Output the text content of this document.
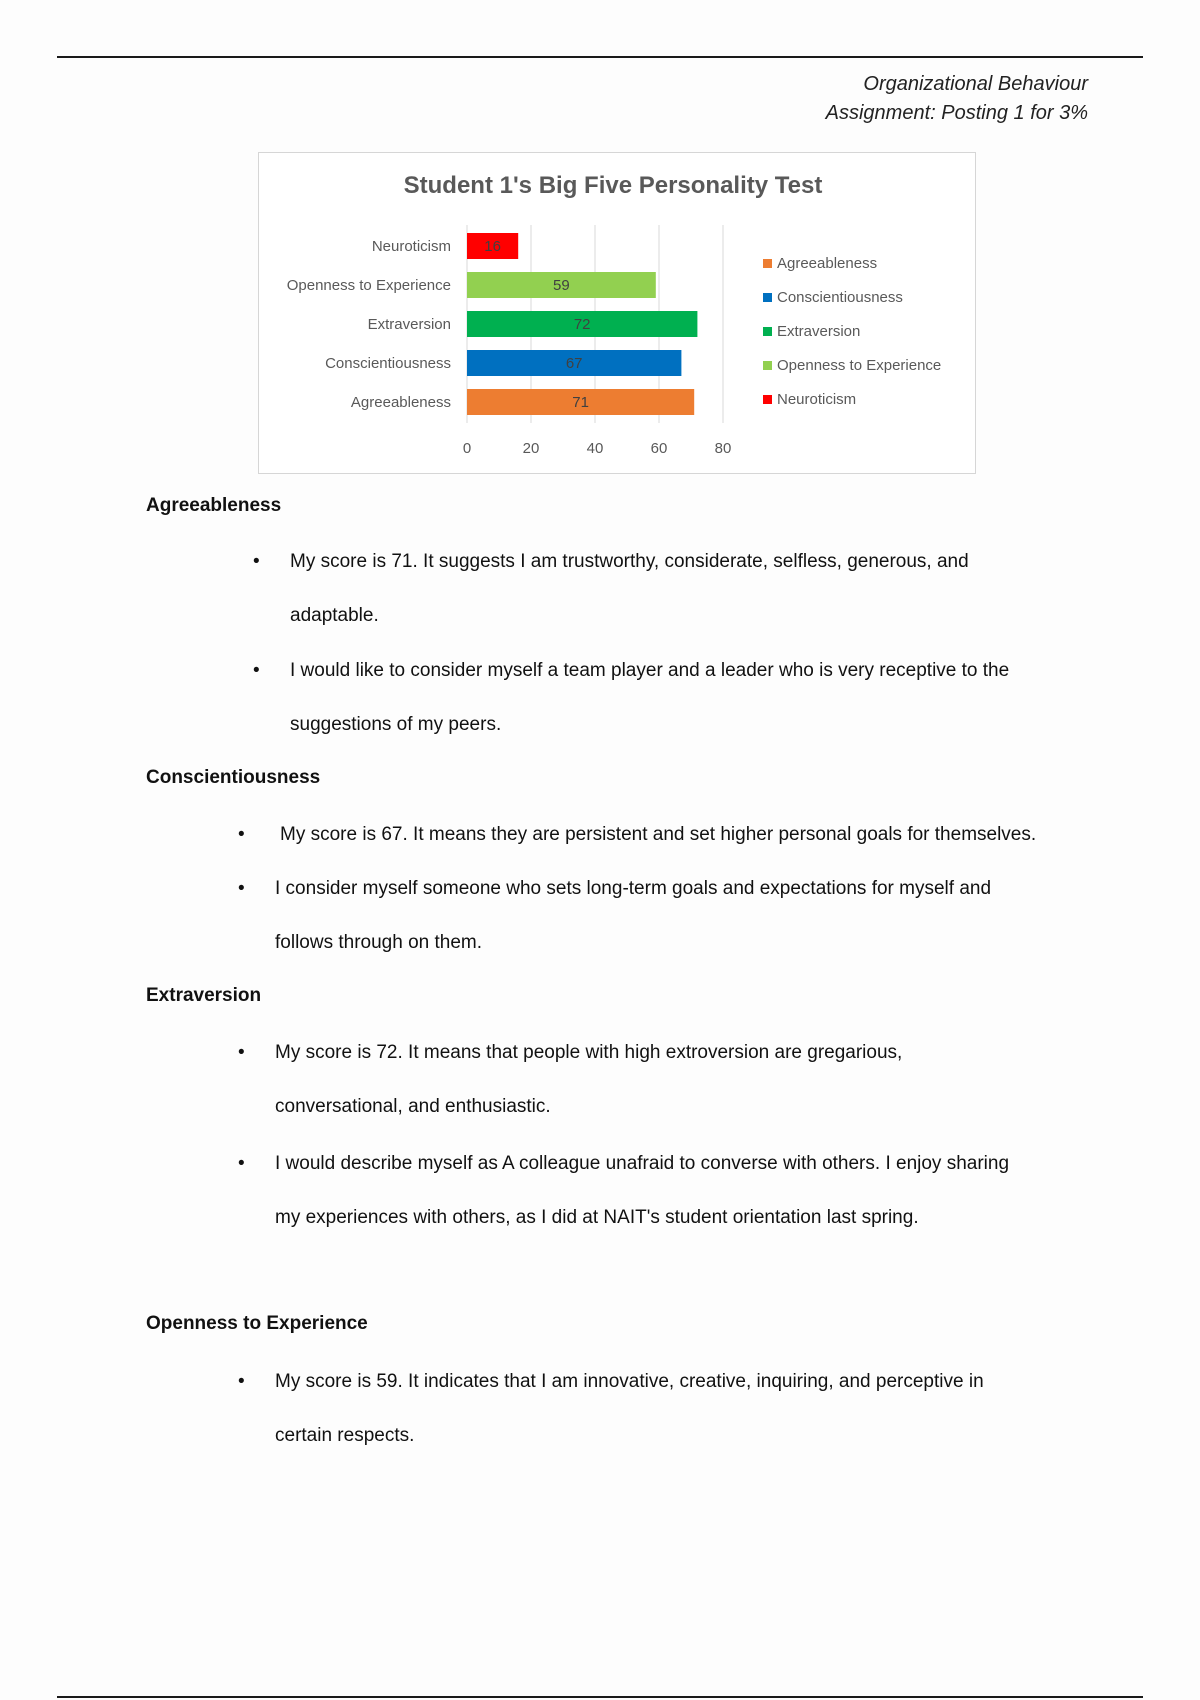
Organizational Behaviour
Assignment: Posting 1 for 3%
Student 1's Big Five Personality Test
0	20	40	60	80
71
Agreeableness
67
Conscientiousness
72
Extraversion
59
Openness to Experience
16
Neuroticism
Agreeableness
Conscientiousness
Extraversion
Openness to Experience
Neuroticism
Agreeableness
•	My score is 71. It suggests I am trustworthy, considerate, selfless, generous, and
adaptable.
•	I would like to consider myself a team player and a leader who is very receptive to the
suggestions of my peers.
Conscientiousness
•	My score is 67. It means they are persistent and set higher personal goals for themselves.
•	I consider myself someone who sets long-term goals and expectations for myself and
follows through on them.
Extraversion
•	My score is 72. It means that people with high extroversion are gregarious,
conversational, and enthusiastic.
•	I would describe myself as A colleague unafraid to converse with others. I enjoy sharing
my experiences with others, as I did at NAIT's student orientation last spring.
Openness to Experience
•	My score is 59. It indicates that I am innovative, creative, inquiring, and perceptive in
certain respects.
